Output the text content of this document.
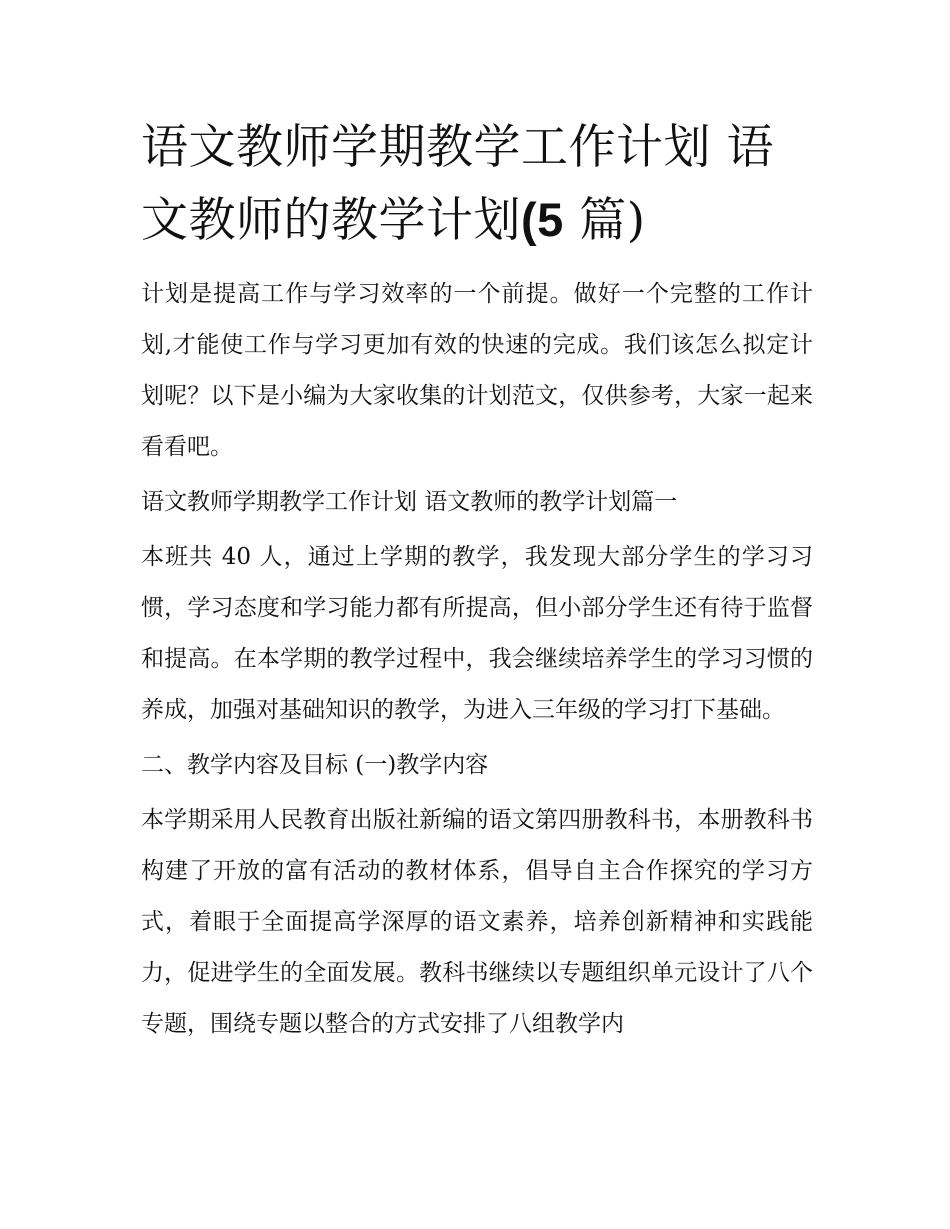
语文教师学期教学工作计划 语文教师的教学计划(5 篇)

计划是提高工作与学习效率的一个前提。做好一个完整的工作计划,才能使工作与学习更加有效的快速的完成。我们该怎么拟定计划呢？以下是小编为大家收集的计划范文，仅供参考，大家一起来看看吧。

语文教师学期教学工作计划 语文教师的教学计划篇一

本班共 40 人，通过上学期的教学，我发现大部分学生的学习习惯，学习态度和学习能力都有所提高，但小部分学生还有待于监督和提高。在本学期的教学过程中，我会继续培养学生的学习习惯的养成，加强对基础知识的教学，为进入三年级的学习打下基础。

二、教学内容及目标 (一)教学内容

本学期采用人民教育出版社新编的语文第四册教科书，本册教科书构建了开放的富有活动的教材体系，倡导自主合作探究的学习方式，着眼于全面提高学深厚的语文素养，培养创新精神和实践能力，促进学生的全面发展。教科书继续以专题组织单元设计了八个专题，围绕专题以整合的方式安排了八组教学内
